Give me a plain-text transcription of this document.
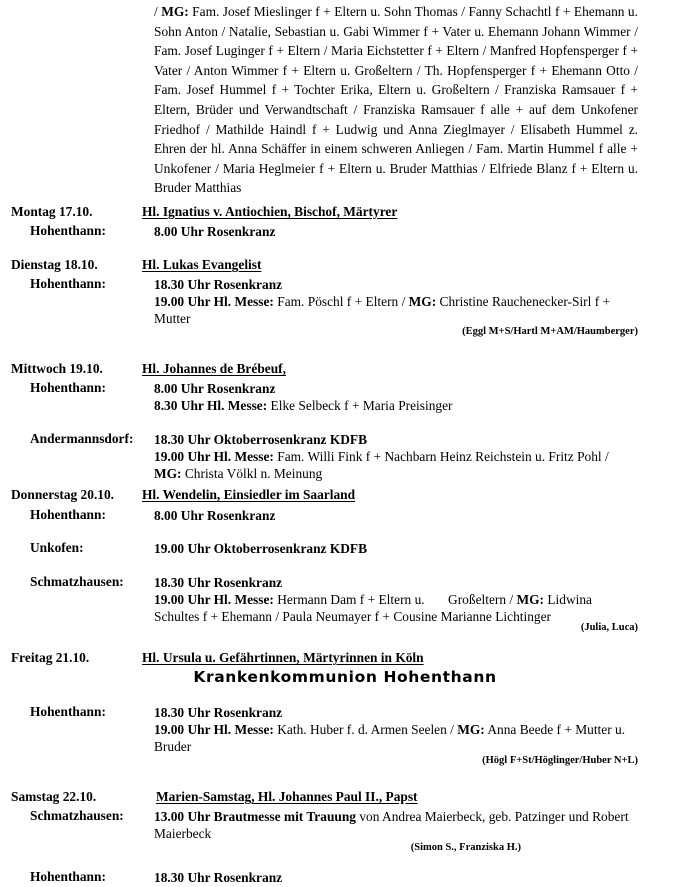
/ MG: Fam. Josef Mieslinger f + Eltern u. Sohn Thomas / Fanny Schachtl f + Ehemann u. Sohn Anton / Natalie, Sebastian u. Gabi Wimmer f + Vater u. Ehemann Johann Wimmer / Fam. Josef Luginger f + Eltern / Maria Eichstetter f + Eltern / Manfred Hopfensperger f + Vater / Anton Wimmer f + Eltern u. Großeltern / Th. Hopfensperger f + Ehemann Otto / Fam. Josef Hummel f + Tochter Erika, Eltern u. Großeltern / Franziska Ramsauer f + Eltern, Brüder und Verwandtschaft / Franziska Ramsauer f alle + auf dem Unkofener Friedhof / Mathilde Haindl f + Ludwig und Anna Zieglmayer / Elisabeth Hummel z. Ehren der hl. Anna Schäffer in einem schweren Anliegen / Fam. Martin Hummel f alle + Unkofener / Maria Heglmeier f + Eltern u. Bruder Matthias / Elfriede Blanz f + Eltern u. Bruder Matthias

Montag 17.10.	Hl. Ignatius v. Antiochien, Bischof, Märtyrer
Hohenthann:	8.00 Uhr Rosenkranz
Dienstag 18.10.	Hl. Lukas Evangelist
Hohenthann:	18.30 Uhr Rosenkranz
19.00 Uhr Hl. Messe: Fam. Pöschl f + Eltern / MG: Christine Rauchenecker-Sirl f + Mutter
(Eggl M+S/Hartl M+AM/Haumberger)
Mittwoch 19.10.	Hl. Johannes de Brébeuf,
Hohenthann:	8.00 Uhr Rosenkranz
8.30 Uhr Hl. Messe: Elke Selbeck f + Maria Preisinger
Andermannsdorf: 18.30 Uhr Oktoberrosenkranz KDFB
19.00 Uhr Hl. Messe: Fam. Willi Fink f + Nachbarn Heinz Reichstein u. Fritz Pohl / MG: Christa Völkl n. Meinung
Donnerstag 20.10. Hl. Wendelin, Einsiedler im Saarland
Hohenthann:	8.00 Uhr Rosenkranz
Unkofen:	19.00 Uhr Oktoberrosenkranz KDFB
Schmatzhausen: 18.30 Uhr Rosenkranz
19.00 Uhr Hl. Messe: Hermann Dam f + Eltern u.       Großeltern / MG: Lidwina Schultes f + Ehemann / Paula Neumayer f + Cousine Marianne Lichtinger
(Julia, Luca)
Freitag 21.10.	Hl. Ursula u. Gefährtinnen, Märtyrinnen in Köln
Krankenkommunion Hohenthann
Hohenthann:	18.30 Uhr Rosenkranz
19.00 Uhr Hl. Messe: Kath. Huber f. d. Armen Seelen / MG: Anna Beede f + Mutter u. Bruder
(Högl F+St/Höglinger/Huber N+L)
Samstag 22.10.	Marien-Samstag, Hl. Johannes Paul II., Papst
Schmatzhausen: 13.00 Uhr Brautmesse mit Trauung von Andrea Maierbeck, geb. Patzinger und Robert Maierbeck
(Simon S., Franziska H.)
Hohenthann:	18.30 Uhr Rosenkranz
